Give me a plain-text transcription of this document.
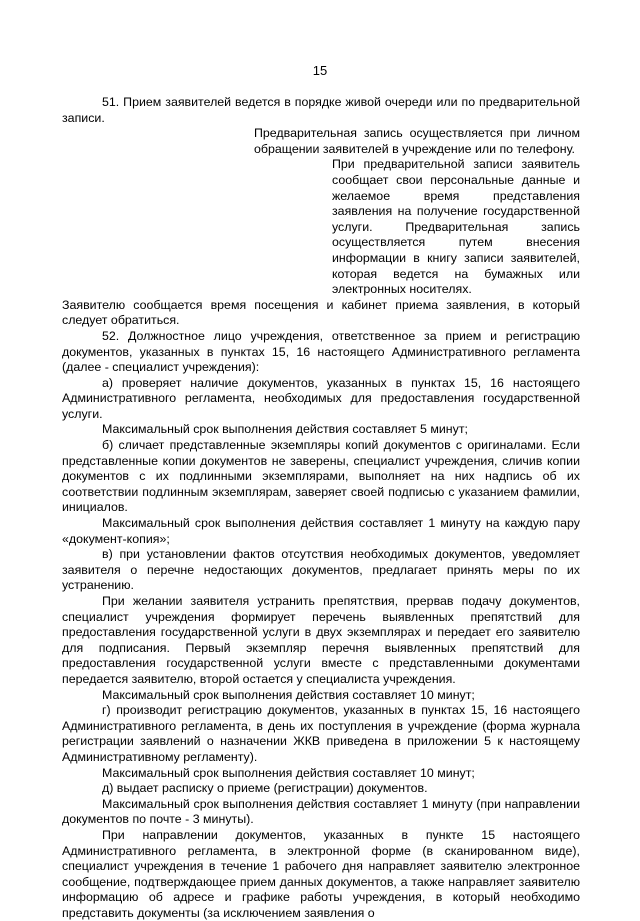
15

51. Прием заявителей ведется в порядке живой очереди или по предварительной записи.

Предварительная запись осуществляется при личном обращении заявителей в учреждение или по телефону.

При предварительной записи заявитель сообщает свои персональные данные и желаемое время представления заявления на получение государственной услуги. Предварительная запись осуществляется путем внесения информации в книгу записи заявителей, которая ведется на бумажных или электронных носителях.

Заявителю сообщается время посещения и кабинет приема заявления, в который следует обратиться.

52. Должностное лицо учреждения, ответственное за прием и регистрацию документов, указанных в пунктах 15, 16 настоящего Административного регламента (далее - специалист учреждения):

а) проверяет наличие документов, указанных в пунктах 15, 16 настоящего Административного регламента, необходимых для предоставления государственной услуги.

Максимальный срок выполнения действия составляет 5 минут;

б) сличает представленные экземпляры копий документов с оригиналами. Если представленные копии документов не заверены, специалист учреждения, сличив копии документов с их подлинными экземплярами, выполняет на них надпись об их соответствии подлинным экземплярам, заверяет своей подписью с указанием фамилии, инициалов.

Максимальный срок выполнения действия составляет 1 минуту на каждую пару «документ-копия»;

в) при установлении фактов отсутствия необходимых документов, уведомляет заявителя о перечне недостающих документов, предлагает принять меры по их устранению.

При желании заявителя устранить препятствия, прервав подачу документов, специалист учреждения формирует перечень выявленных препятствий для предоставления государственной услуги в двух экземплярах и передает его заявителю для подписания. Первый экземпляр перечня выявленных препятствий для предоставления государственной услуги вместе с представленными документами передается заявителю, второй остается у специалиста учреждения.

Максимальный срок выполнения действия составляет 10 минут;

г) производит регистрацию документов, указанных в пунктах 15, 16 настоящего Административного регламента, в день их поступления в учреждение (форма журнала регистрации заявлений о назначении ЖКВ приведена в приложении 5 к настоящему Административному регламенту).

Максимальный срок выполнения действия составляет 10 минут;

д) выдает расписку о приеме (регистрации) документов.

Максимальный срок выполнения действия составляет 1 минуту (при направлении документов по почте - 3 минуты).

При направлении документов, указанных в пункте 15 настоящего Административного регламента, в электронной форме (в сканированном виде), специалист учреждения в течение 1 рабочего дня направляет заявителю электронное сообщение, подтверждающее прием данных документов, а также направляет заявителю информацию об адресе и графике работы учреждения, в который необходимо представить документы (за исключением заявления о
